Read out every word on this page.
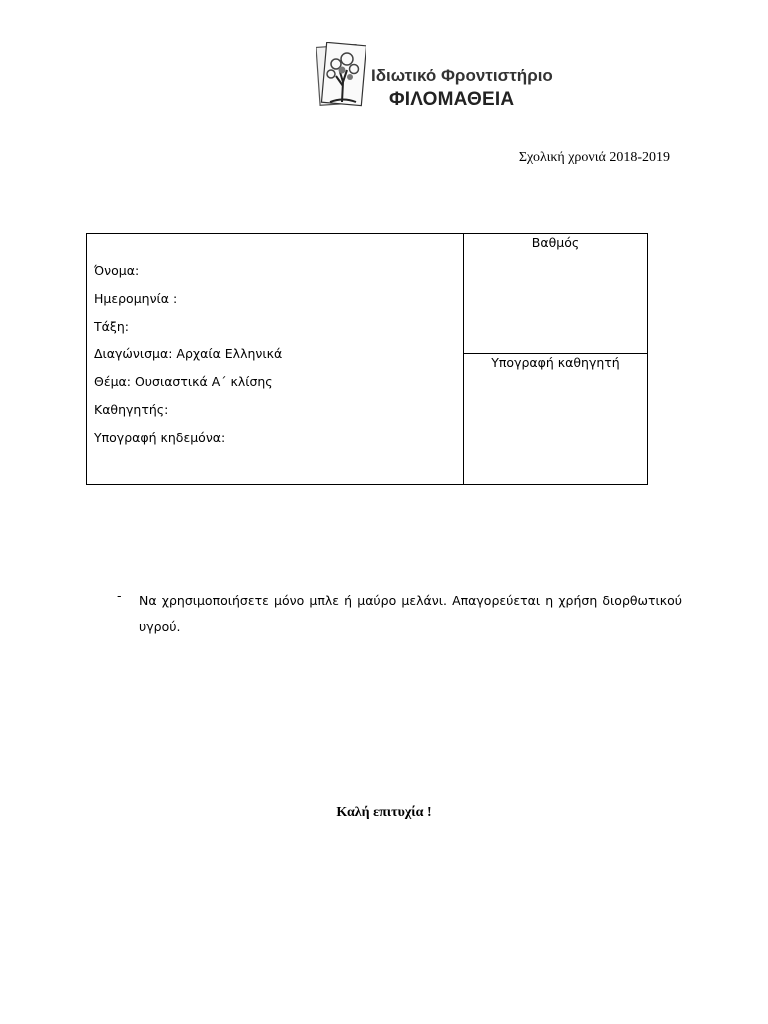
Ιδιωτικό Φροντιστήριο
ΦΙΛΟΜΑΘΕΙΑ
Σχολική χρονιά 2018-2019
Όνομα:
Ημερομηνία :
Τάξη:
Διαγώνισμα: Αρχαία Ελληνικά
Θέμα: Ουσιαστικά Α΄ κλίσης
Καθηγητής:
Υπογραφή κηδεμόνα:
Βαθμός
Υπογραφή καθηγητή
- Να χρησιμοποιήσετε μόνο μπλε ή μαύρο μελάνι. Απαγορεύεται η χρήση διορθωτικού υγρού.
Καλή επιτυχία !
